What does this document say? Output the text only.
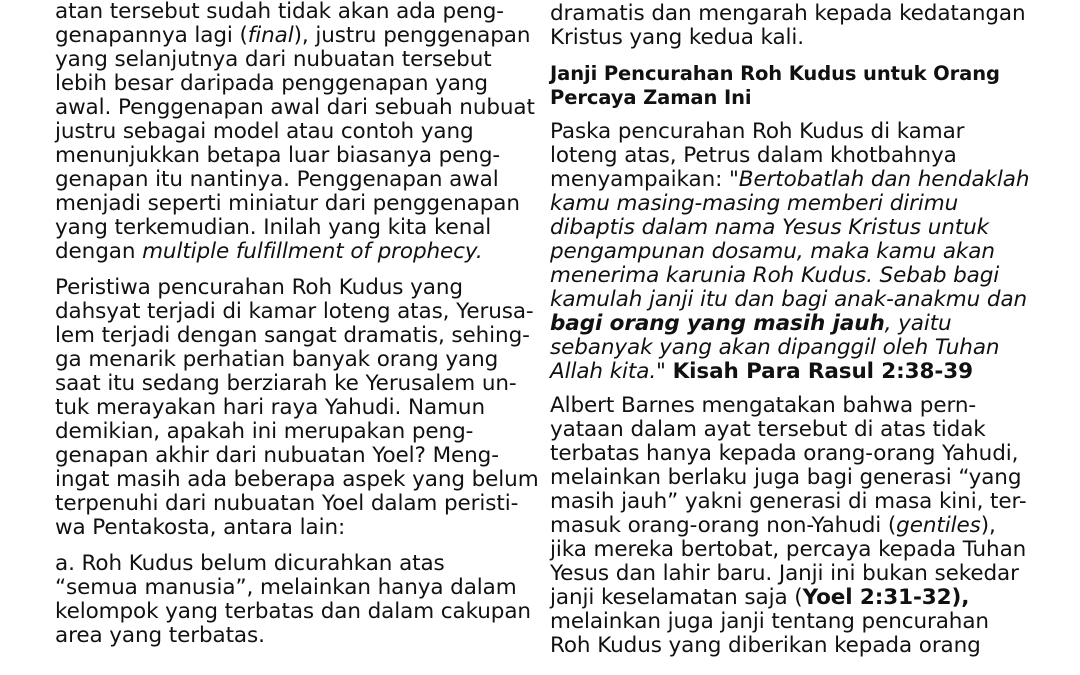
atan tersebut sudah tidak akan ada peng-
genapannya lagi (final), justru penggenapan
yang selanjutnya dari nubuatan tersebut
lebih besar daripada penggenapan yang
awal. Penggenapan awal dari sebuah nubuat
justru sebagai model atau contoh yang
menunjukkan betapa luar biasanya peng-
genapan itu nantinya. Penggenapan awal
menjadi seperti miniatur dari penggenapan
yang terkemudian. Inilah yang kita kenal
dengan multiple fulfillment of prophecy.
Peristiwa pencurahan Roh Kudus yang
dahsyat terjadi di kamar loteng atas, Yerusa-
lem terjadi dengan sangat dramatis, sehing-
ga menarik perhatian banyak orang yang
saat itu sedang berziarah ke Yerusalem un-
tuk merayakan hari raya Yahudi. Namun
demikian, apakah ini merupakan peng-
genapan akhir dari nubuatan Yoel? Meng-
ingat masih ada beberapa aspek yang belum
terpenuhi dari nubuatan Yoel dalam peristi-
wa Pentakosta, antara lain:
a. Roh Kudus belum dicurahkan atas
“semua manusia”, melainkan hanya dalam
kelompok yang terbatas dan dalam cakupan
area yang terbatas.
dramatis dan mengarah kepada kedatangan
Kristus yang kedua kali.
Janji Pencurahan Roh Kudus untuk Orang
Percaya Zaman Ini
Paska pencurahan Roh Kudus di kamar
loteng atas, Petrus dalam khotbahnya
menyampaikan: "Bertobatlah dan hendaklah
kamu masing-masing memberi dirimu
dibaptis dalam nama Yesus Kristus untuk
pengampunan dosamu, maka kamu akan
menerima karunia Roh Kudus. Sebab bagi
kamulah janji itu dan bagi anak-anakmu dan
bagi orang yang masih jauh, yaitu
sebanyak yang akan dipanggil oleh Tuhan
Allah kita." Kisah Para Rasul 2:38-39
Albert Barnes mengatakan bahwa pern-
yataan dalam ayat tersebut di atas tidak
terbatas hanya kepada orang-orang Yahudi,
melainkan berlaku juga bagi generasi “yang
masih jauh” yakni generasi di masa kini, ter-
masuk orang-orang non-Yahudi (gentiles),
jika mereka bertobat, percaya kepada Tuhan
Yesus dan lahir baru. Janji ini bukan sekedar
janji keselamatan saja (Yoel 2:31-32),
melainkan juga janji tentang pencurahan
Roh Kudus yang diberikan kepada orang
